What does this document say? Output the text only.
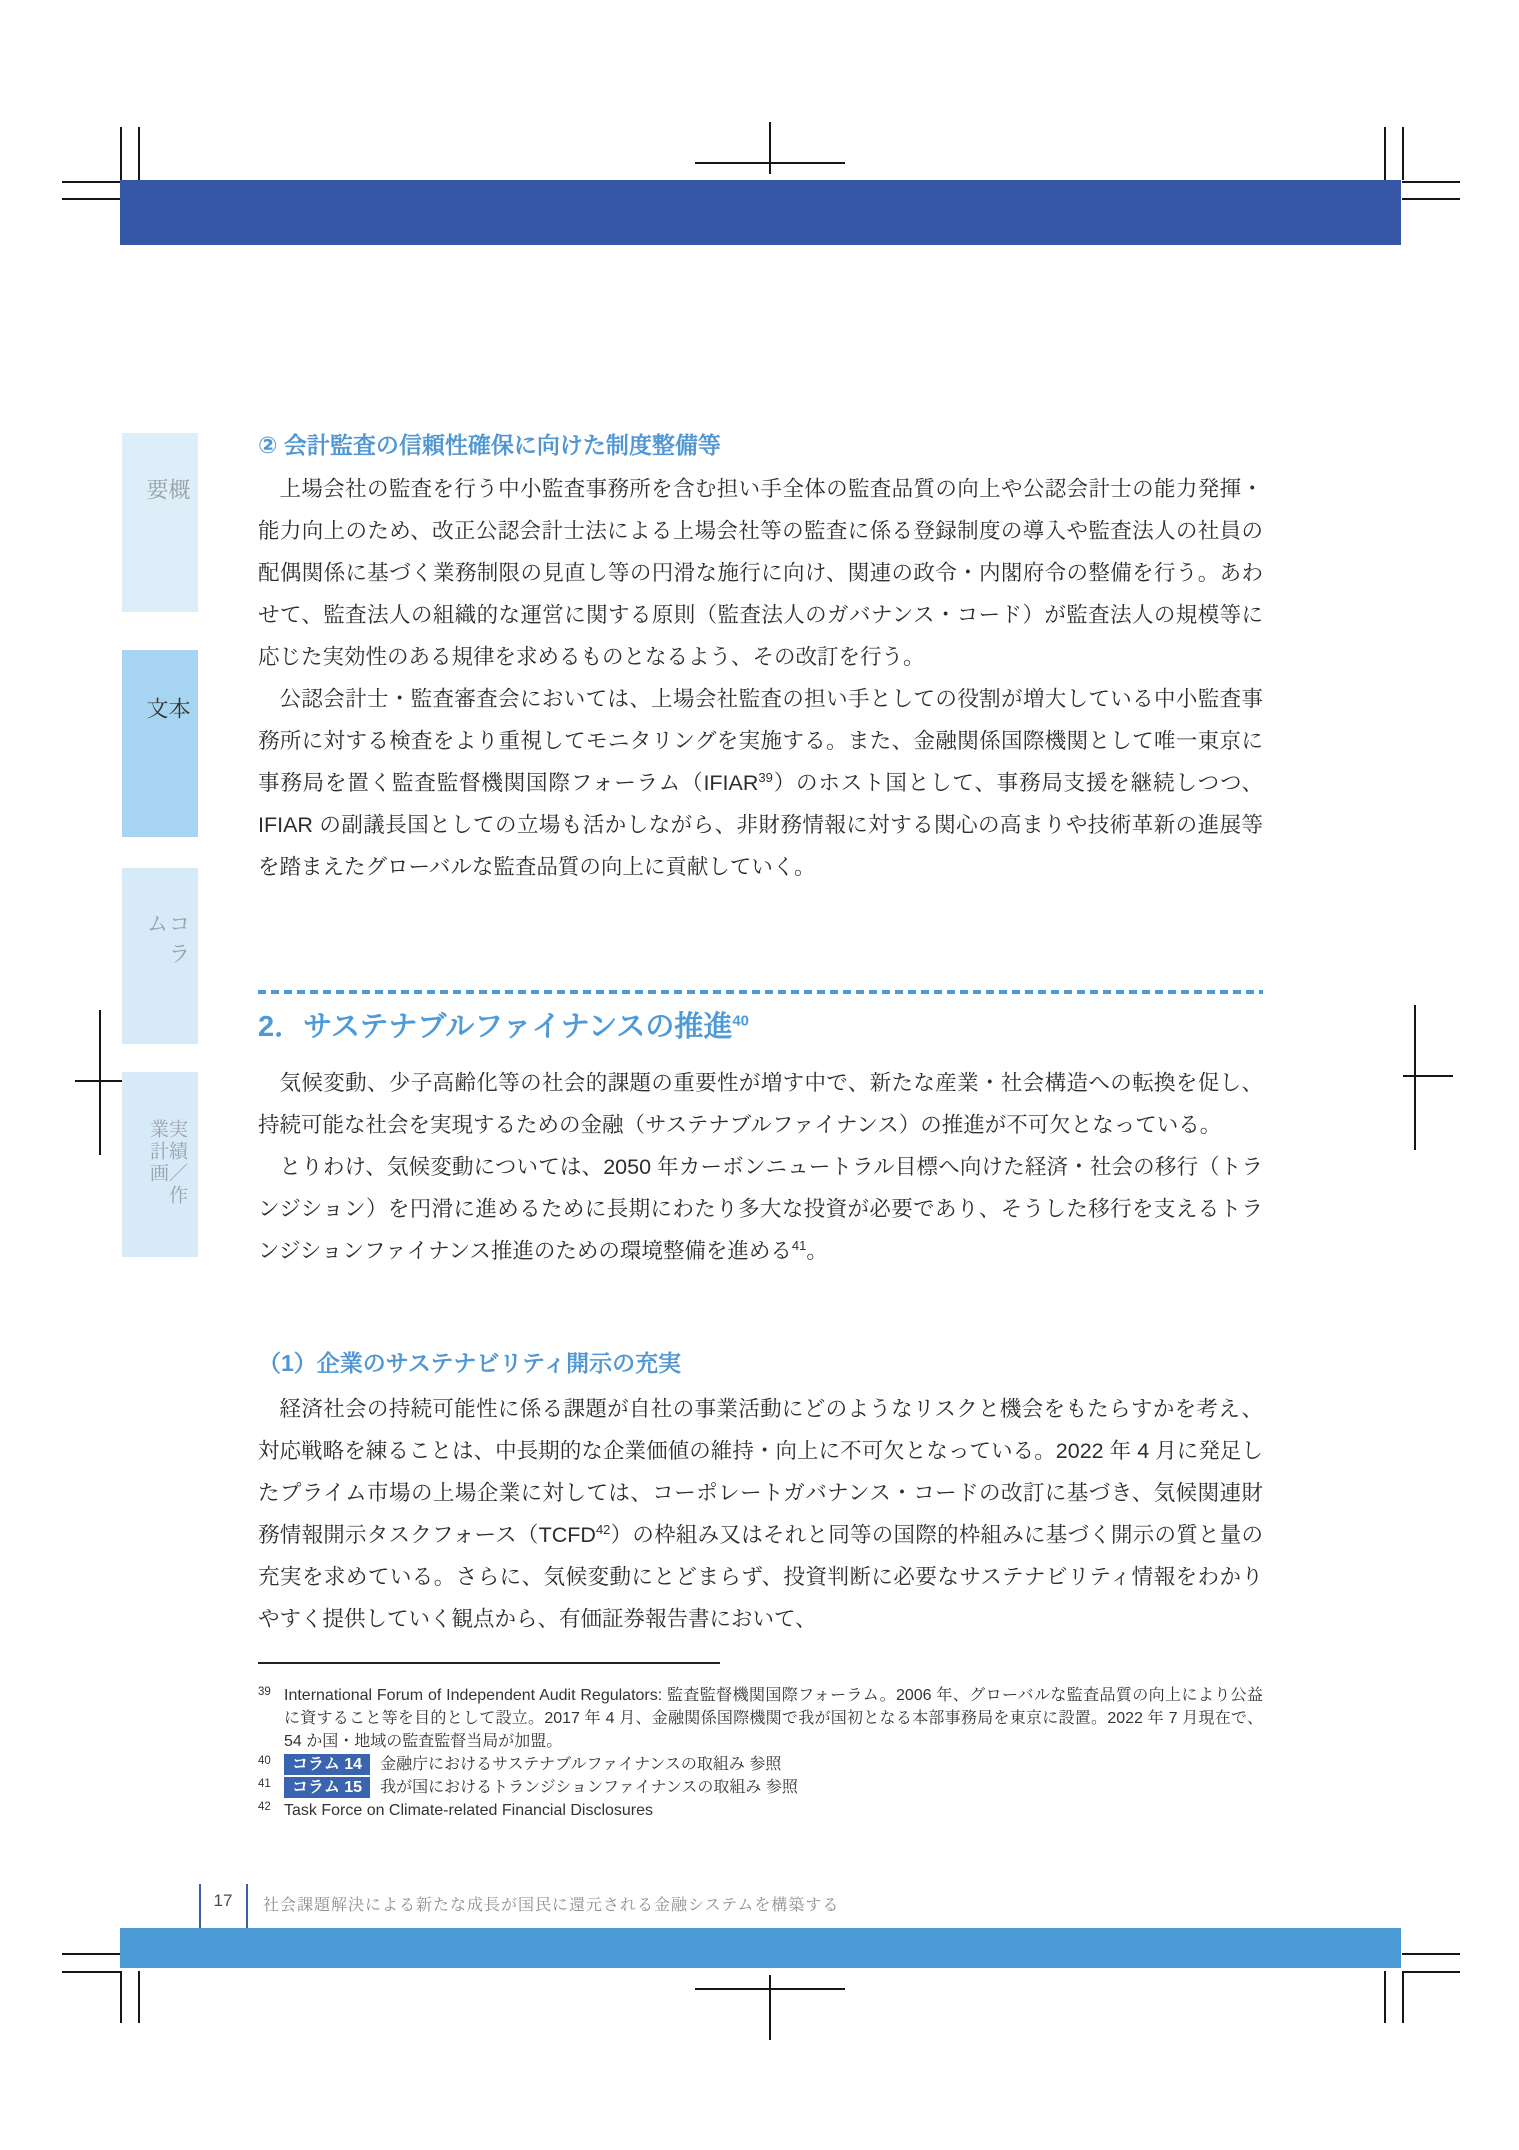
概要
本文
コラム
実績／作業計画
② 会計監査の信頼性確保に向けた制度整備等

上場会社の監査を行う中小監査事務所を含む担い手全体の監査品質の向上や公認会計士の能力発揮・能力向上のため、改正公認会計士法による上場会社等の監査に係る登録制度の導入や監査法人の社員の配偶関係に基づく業務制限の見直し等の円滑な施行に向け、関連の政令・内閣府令の整備を行う。あわせて、監査法人の組織的な運営に関する原則（監査法人のガバナンス・コード）が監査法人の規模等に応じた実効性のある規律を求めるものとなるよう、その改訂を行う。

公認会計士・監査審査会においては、上場会社監査の担い手としての役割が増大している中小監査事務所に対する検査をより重視してモニタリングを実施する。また、金融関係国際機関として唯一東京に事務局を置く監査監督機関国際フォーラム（IFIAR$^{39}$）のホスト国として、事務局支援を継続しつつ、IFIAR の副議長国としての立場も活かしながら、非財務情報に対する関心の高まりや技術革新の進展等を踏まえたグローバルな監査品質の向上に貢献していく。

2．サステナブルファイナンスの推進$^{40}$

気候変動、少子高齢化等の社会的課題の重要性が増す中で、新たな産業・社会構造への転換を促し、持続可能な社会を実現するための金融（サステナブルファイナンス）の推進が不可欠となっている。

とりわけ、気候変動については、2050 年カーボンニュートラル目標へ向けた経済・社会の移行（トランジション）を円滑に進めるために長期にわたり多大な投資が必要であり、そうした移行を支えるトランジションファイナンス推進のための環境整備を進める$^{41}$。

（1）企業のサステナビリティ開示の充実

経済社会の持続可能性に係る課題が自社の事業活動にどのようなリスクと機会をもたらすかを考え、対応戦略を練ることは、中長期的な企業価値の維持・向上に不可欠となっている。2022 年 4 月に発足したプライム市場の上場企業に対しては、コーポレートガバナンス・コードの改訂に基づき、気候関連財務情報開示タスクフォース（TCFD$^{42}$）の枠組み又はそれと同等の国際的枠組みに基づく開示の質と量の充実を求めている。さらに、気候変動にとどまらず、投資判断に必要なサステナビリティ情報をわかりやすく提供していく観点から、有価証券報告書において、

39 International Forum of Independent Audit Regulators: 監査監督機関国際フォーラム。2006 年、グローバルな監査品質の向上により公益に資すること等を目的として設立。2017 年 4 月、金融関係国際機関で我が国初となる本部事務局を東京に設置。2022 年 7 月現在で、54 か国・地域の監査監督当局が加盟。

40 コラム 14 金融庁におけるサステナブルファイナンスの取組み 参照

41 コラム 15 我が国におけるトランジションファイナンスの取組み 参照

42 Task Force on Climate-related Financial Disclosures

17	社会課題解決による新たな成長が国民に還元される金融システムを構築する
